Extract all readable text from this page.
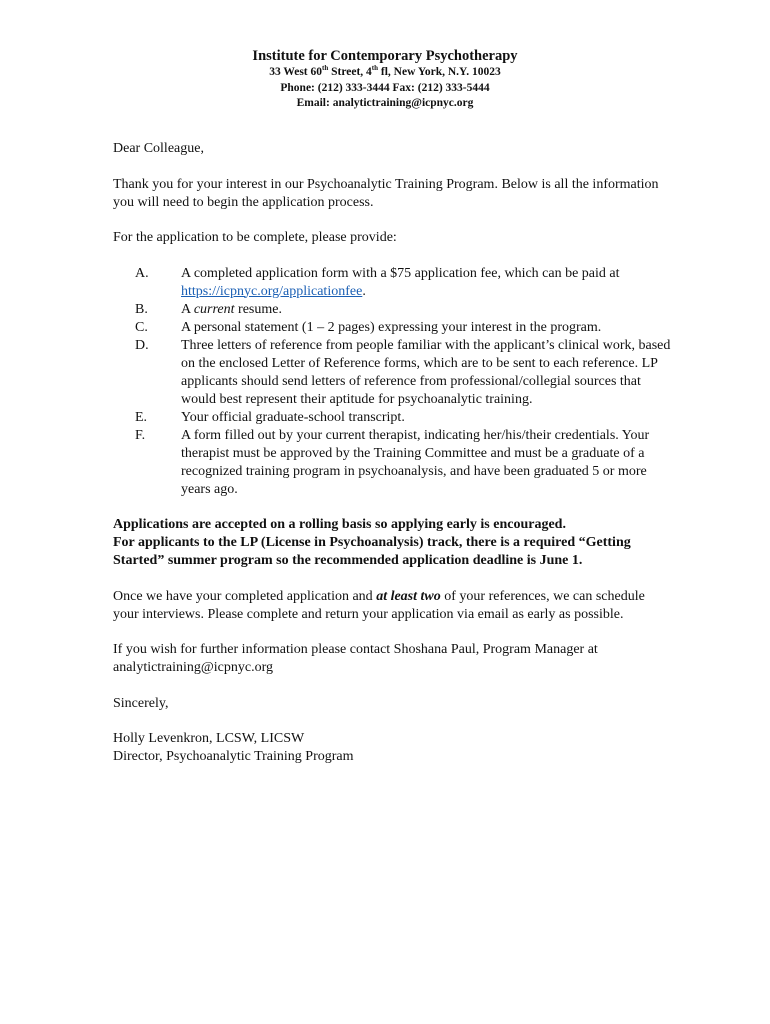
Institute for Contemporary Psychotherapy
33 West 60th Street, 4th fl, New York, N.Y. 10023
Phone: (212) 333-3444 Fax: (212) 333-5444
Email: analytictraining@icpnyc.org

Dear Colleague,

Thank you for your interest in our Psychoanalytic Training Program. Below is all the information you will need to begin the application process.

For the application to be complete, please provide:

A. A completed application form with a $75 application fee, which can be paid at https://icpnyc.org/applicationfee.
B. A current resume.
C. A personal statement (1 – 2 pages) expressing your interest in the program.
D. Three letters of reference from people familiar with the applicant’s clinical work, based on the enclosed Letter of Reference forms, which are to be sent to each reference. LP applicants should send letters of reference from professional/collegial sources that would best represent their aptitude for psychoanalytic training.
E. Your official graduate-school transcript.
F.	A form filled out by your current therapist, indicating her/his/their credentials. Your therapist must be approved by the Training Committee and must be a graduate of a recognized training program in psychoanalysis, and have been graduated 5 or more years ago.

Applications are accepted on a rolling basis so applying early is encouraged.

For applicants to the LP (License in Psychoanalysis) track, there is a required “Getting Started” summer program so the recommended application deadline is June 1.

Once we have your completed application and at least two of your references, we can schedule your interviews. Please complete and return your application via email as early as possible.

If you wish for further information please contact Shoshana Paul, Program Manager at analytictraining@icpnyc.org

Sincerely,

Holly Levenkron, LCSW, LICSW

Director, Psychoanalytic Training Program
